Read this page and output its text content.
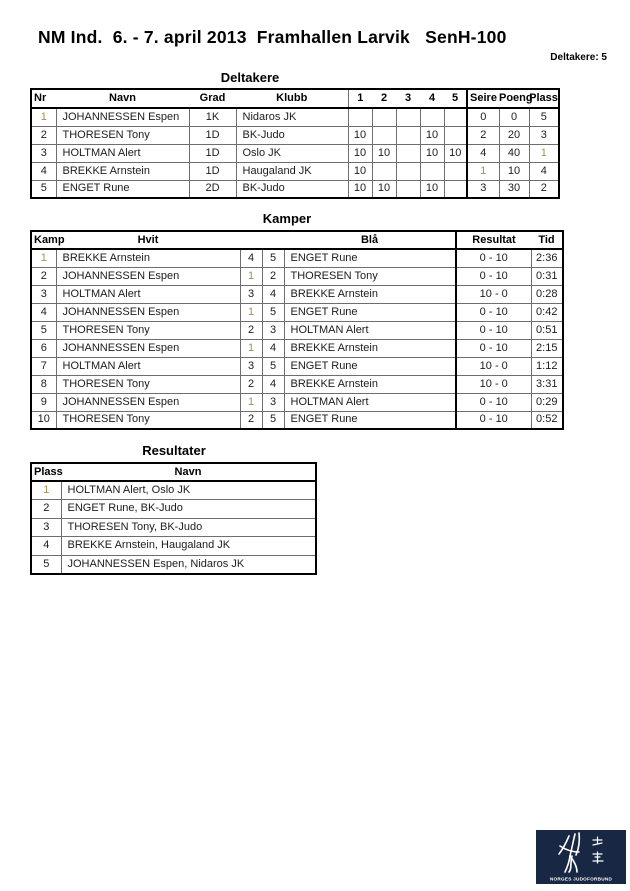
NM Ind.  6. - 7. april 2013  Framhallen Larvik   SenH-100
Deltakere: 5
Deltakere
Nr	Navn	Grad	Klubb	1	2	3	4	5	Seire	Poeng	Plass
1	JOHANNESSEN Espen	1K	Nidaros JK						0	0	5
2	THORESEN Tony	1D	BK-Judo	10			10		2	20	3
3	HOLTMAN Alert	1D	Oslo JK	10	10		10	10	4	40	1
4	BREKKE Arnstein	1D	Haugaland JK	10					1	10	4
5	ENGET Rune	2D	BK-Judo	10	10		10		3	30	2
Kamper
Kamp	Hvit			Blå	Resultat	Tid
1	BREKKE Arnstein	4	5	ENGET Rune	0 - 10	2:36
2	JOHANNESSEN Espen	1	2	THORESEN Tony	0 - 10	0:31
3	HOLTMAN Alert	3	4	BREKKE Arnstein	10 - 0	0:28
4	JOHANNESSEN Espen	1	5	ENGET Rune	0 - 10	0:42
5	THORESEN Tony	2	3	HOLTMAN Alert	0 - 10	0:51
6	JOHANNESSEN Espen	1	4	BREKKE Arnstein	0 - 10	2:15
7	HOLTMAN Alert	3	5	ENGET Rune	10 - 0	1:12
8	THORESEN Tony	2	4	BREKKE Arnstein	10 - 0	3:31
9	JOHANNESSEN Espen	1	3	HOLTMAN Alert	0 - 10	0:29
10	THORESEN Tony	2	5	ENGET Rune	0 - 10	0:52
Resultater
Plass	Navn
1	HOLTMAN Alert, Oslo JK
2	ENGET Rune, BK-Judo
3	THORESEN Tony, BK-Judo
4	BREKKE Arnstein, Haugaland JK
5	JOHANNESSEN Espen, Nidaros JK
NORGES JUDOFORBUND
